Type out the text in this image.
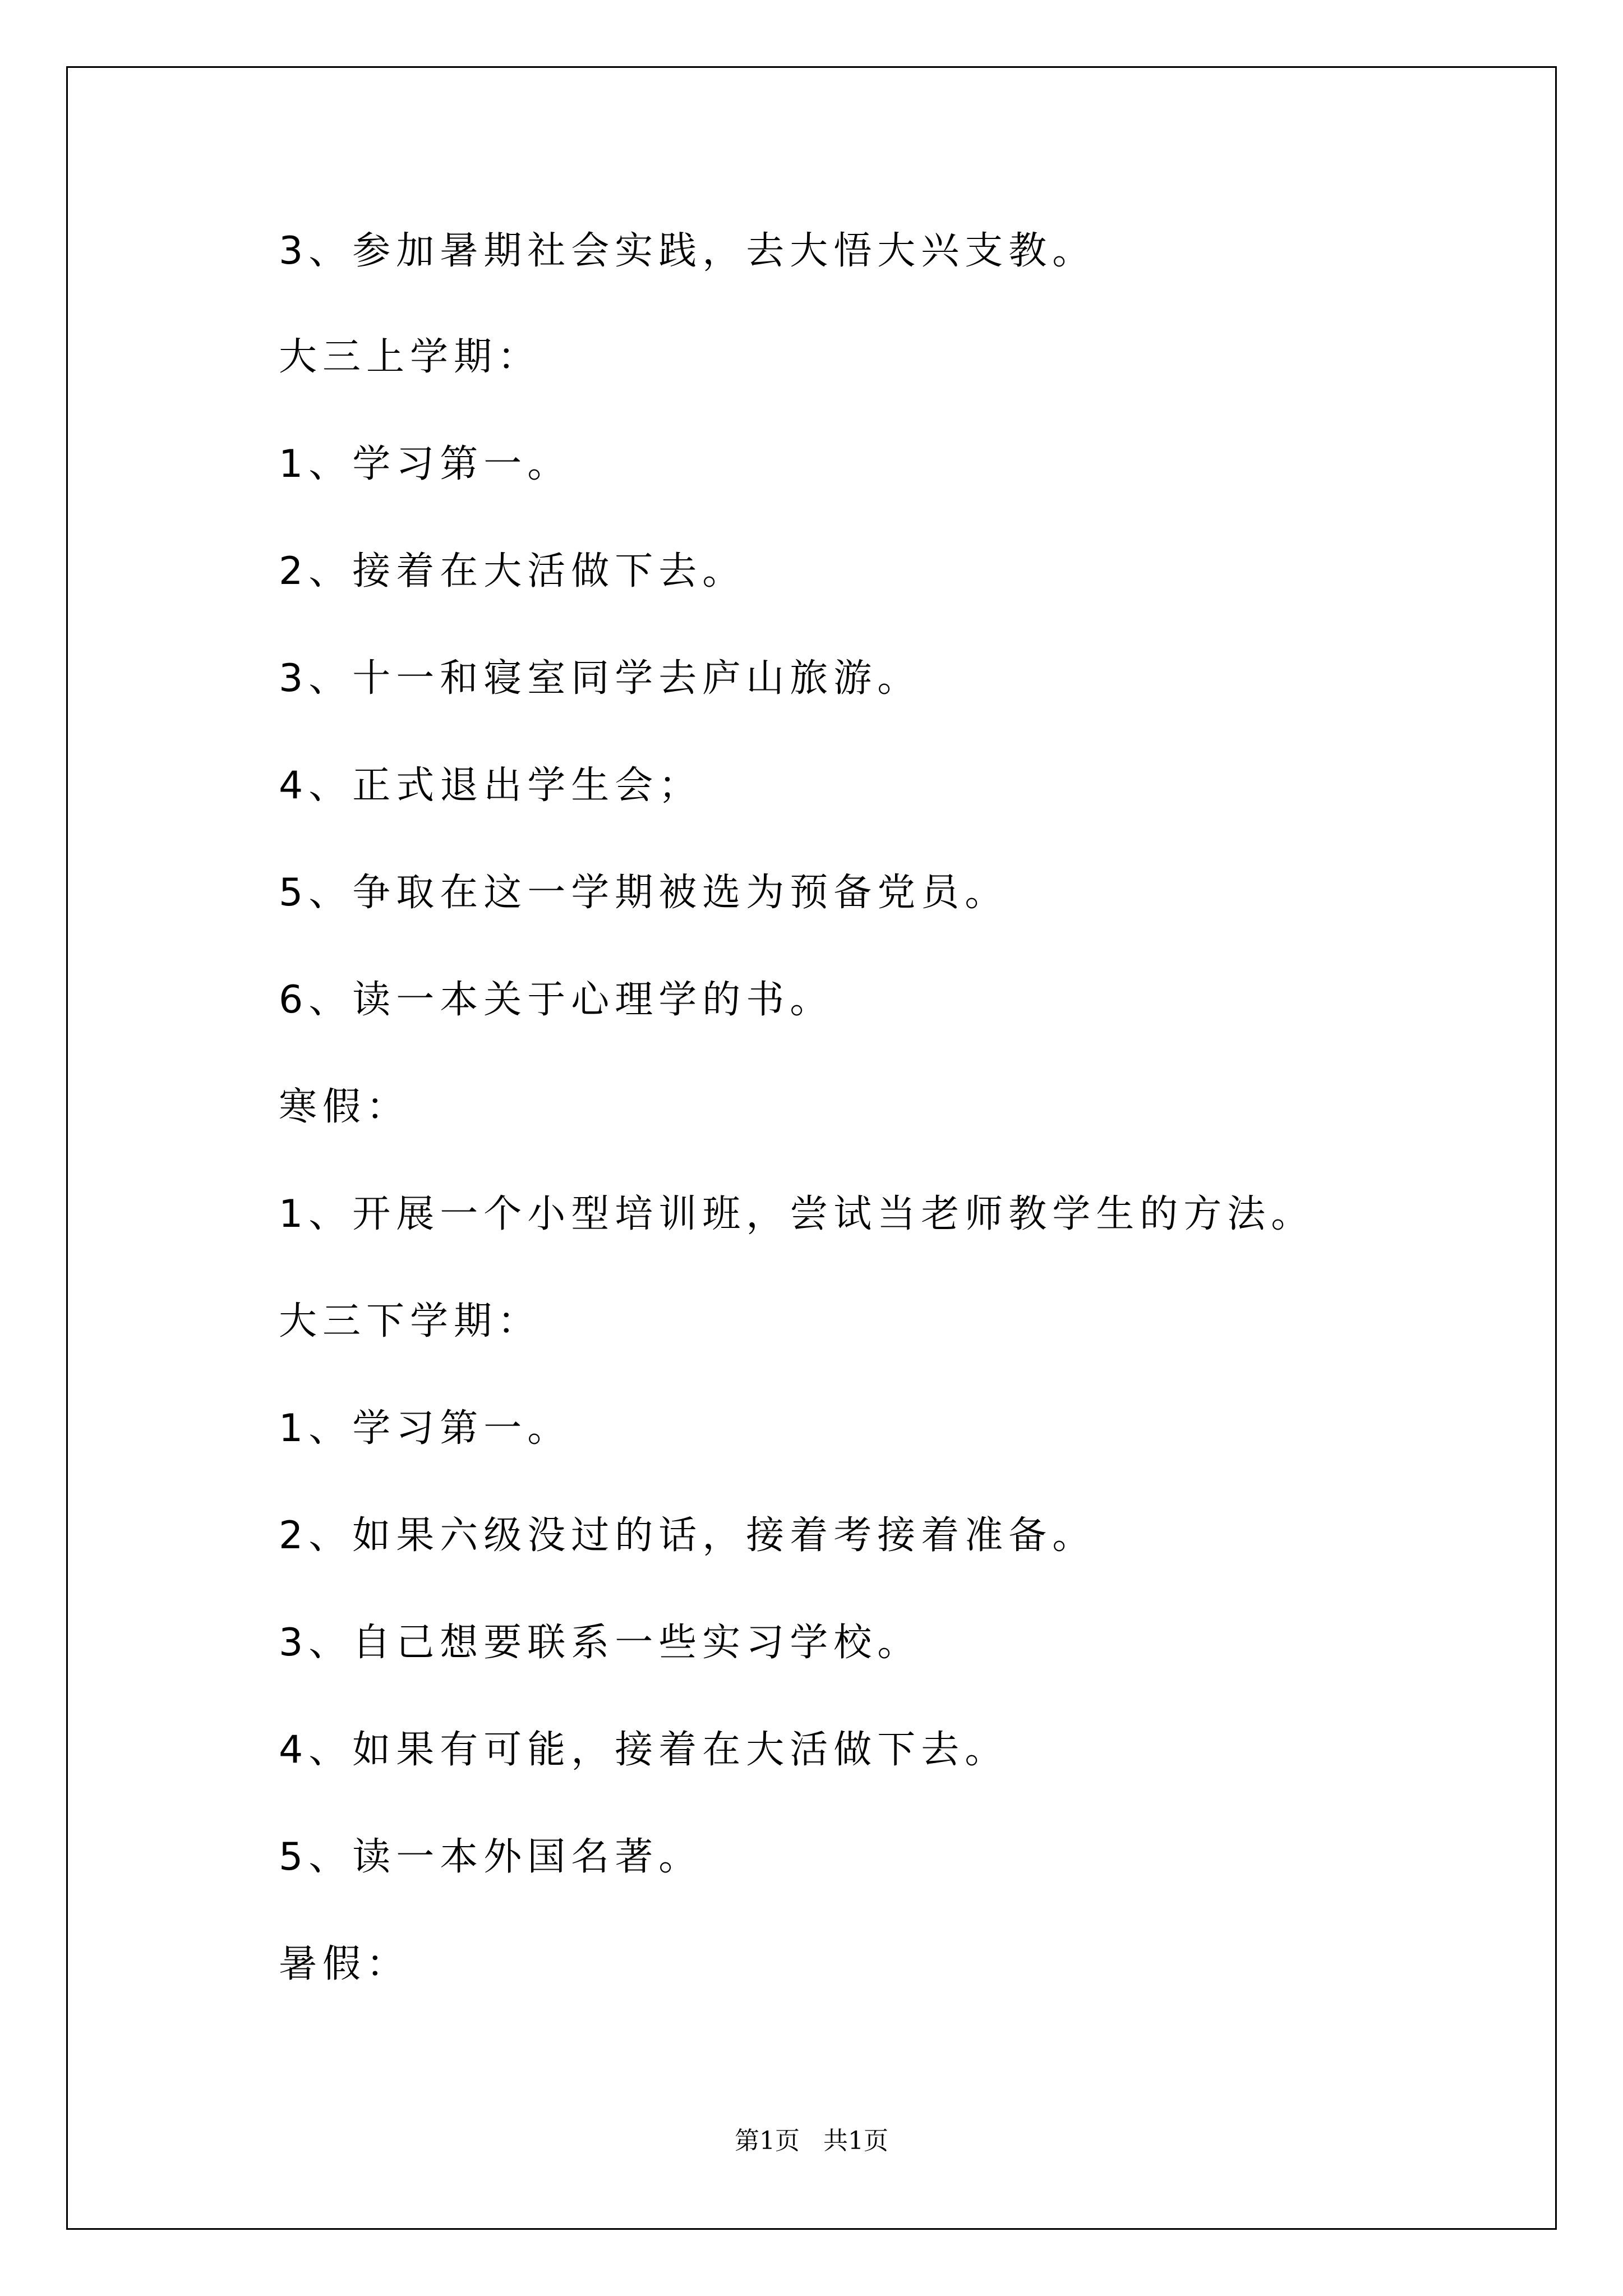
3、参加暑期社会实践，去大悟大兴支教。

大三上学期：

1、学习第一。

2、接着在大活做下去。

3、十一和寝室同学去庐山旅游。

4、正式退出学生会；

5、争取在这一学期被选为预备党员。

6、读一本关于心理学的书。

寒假：

1、开展一个小型培训班，尝试当老师教学生的方法。

大三下学期：

1、学习第一。

2、如果六级没过的话，接着考接着准备。

3、自己想要联系一些实习学校。

4、如果有可能，接着在大活做下去。

5、读一本外国名著。

暑假：

第1页   共1页
